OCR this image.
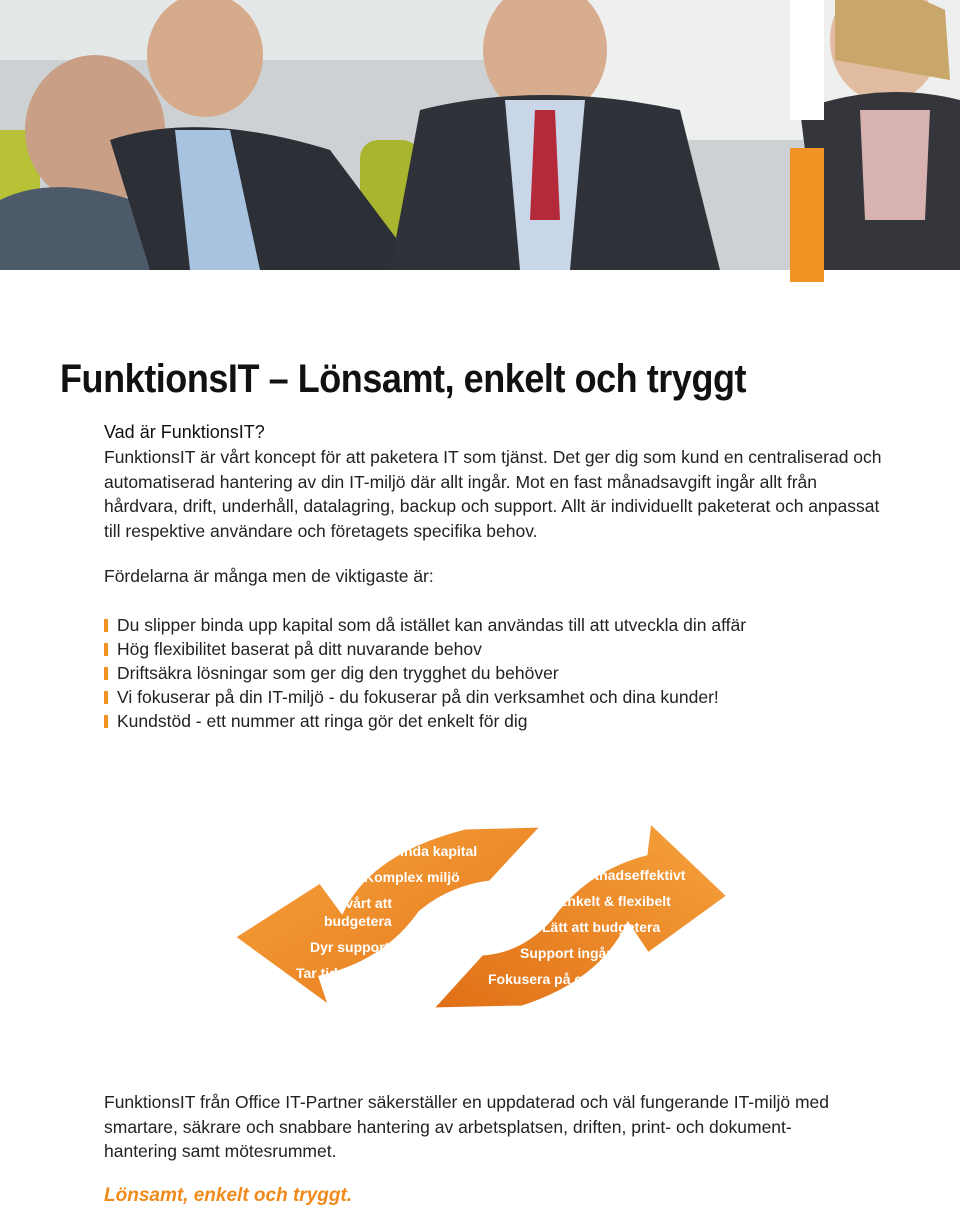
FunktionsIT – Lönsamt, enkelt och tryggt
Vad är FunktionsIT?

FunktionsIT är vårt koncept för att paketera IT som tjänst. Det ger dig som kund en centraliserad och automatiserad hantering av din IT-miljö där allt ingår. Mot en fast månadsavgift ingår allt från hårdvara, drift, underhåll, datalagring, backup och support. Allt är individuellt paketerat och anpassat till respektive användare och företagets specifika behov.

Fördelarna är många men de viktigaste är:
Du slipper binda upp kapital som då istället kan användas till att utveckla din affär
Hög flexibilitet baserat på ditt nuvarande behov
Driftsäkra lösningar som ger dig den trygghet du behöver
Vi fokuserar på din IT-miljö - du fokuserar på din verksamhet och dina kunder!
Kundstöd - ett nummer att ringa gör det enkelt för dig
Binda kapital
Komplex miljö
Svårt att
budgetera
Dyr support
Tar tid från annat
Kostnadseffektivt
Enkelt & flexibelt
Lätt att budgetera
Support ingår
Fokusera på er affär

FunktionsIT från Office IT-Partner säkerställer en uppdaterad och väl fungerande IT-miljö med smartare, säkrare och snabbare hantering av arbetsplatsen, driften, print- och dokument-hantering samt mötesrummet.

Lönsamt, enkelt och tryggt.
